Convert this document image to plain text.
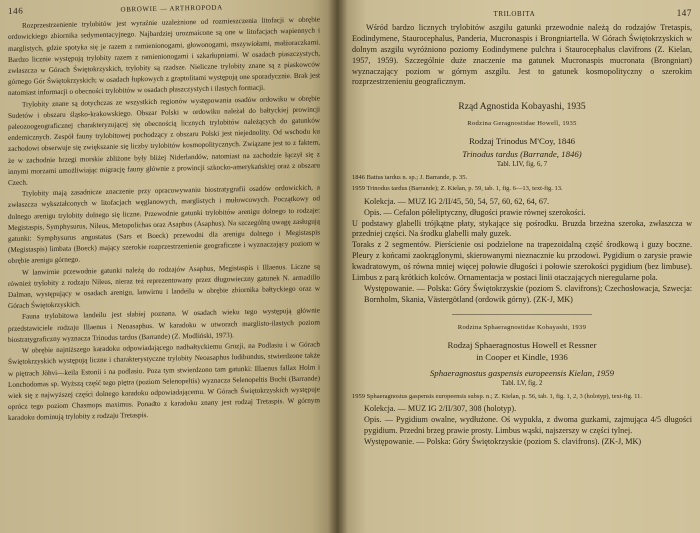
146	OBROWIE — ARTHROPODA

Rozprzestrzenienie trylobitów jest wyraźnie uzależnione od rozmieszczenia litofacji w obrębie ordowickiego zbiornika sedymentacyjnego. Najbardziej urozmaicone są one w litofacjach wapiennych i marglistych, gdzie spotyka się je razem z ramienionogami, głowonogami, mszywiołami, małżoraczkami. Bardzo licznie występują trylobity razem z ramienionogami i szkarłupniami. W osadach piaszczystych, zwłaszcza w Górach Świętokrzyskich, trylobity są rzadsze. Nieliczne trylobity znane są z piaskowców górnego Gór Świętokrzyskich; w osadach łupkowych z graptolitami występują one sporadycznie. Brak jest natomiast informacji o obecności trylobitów w osadach płaszczystych i ilastych formacji.

Trylobity znane są dotychczas ze wszystkich regionów występowania osadów ordowiku w obrębie Sudetów i obszaru śląsko-krakowskiego. Obszar Polski w ordowiku należał do bałtyckiej prowincji paleozoogeograficznej charakteryzującej się obecnością licznych trylobitów należących do gatunków endemicznych. Zespół fauny trylobitowej pochodzący z obszaru Polski jest niejednolity. Od wschodu ku zachodowi obserwuje się zwiększanie się liczby trylobitów kosmopolitycznych. Związane jest to z faktem, że w zachodnie brzegi morskie zbliżone były bliżej Niderlandów, natomiast na zachodzie łączył się z innymi morzami umożliwiając migrację fauny głównie z prowincji szkocko-amerykańskiej oraz z obszaru Czech.

Trylobity mają zasadnicze znaczenie przy opracowywaniu biostratygrafii osadów ordowickich, a zwłaszcza wykształconych w litofacjach węglanowych, marglistych i mułowcowych. Początkowy od dolnego arenigu trylobity dolnego się liczne. Przewodnie gatunki trylobitów arenigu dolnego to rodzaje: Megistaspis, Symphysurus, Nileus, Metopolichas oraz Asaphus (Asaphus). Na szczególną uwagę zasługują gatunki: Symphysurus angustatus (Sars et Boeck) przewodni dla arenigu dolnego i Megistaspis (Megistaspis) limbata (Boeck) mający szerokie rozprzestrzenienie geograficzne i wyznaczający poziom w obrębie arenigu górnego.

W lanwirnie przewodnie gatunki należą do rodzajów Asaphus, Megistaspis i Illaenus. Liczne są również trylobity z rodzaju Nileus, nieraz też reprezentowany przez długowieczny gatunek N. armadillo Dalman, występujący w osadach arenigu, lanwirnu i landeilu w obrębie zbiornika bałtyckiego oraz w Górach Świętokrzyskich.

Fauna trylobitowa landeilu jest słabiej poznana. W osadach wieku tego występują głównie przedstawiciele rodzaju Illaenus i Neoasaphus. W karadoku w utworach marglisto-ilastych poziom biostratygraficzny wyznacza Trinodus tardus (Barrande) (Z. Modliński, 1973).

W obrębie najniższego karadoku odpowiadającego nadbałtyckiemu Gruzji, na Podlasiu i w Górach Świętokrzyskich występują liczne i charakterystyczne trylobity Neoasaphus ludibundus, stwierdzone także w piętrach Jõhvi—keila Estonii i na podlasiu. Poza tym stwierdzono tam gatunki: Illaenus fallax Holm i Lonchodomas sp. Wyższą część tego piętra (poziom Selenopeltis) wyznacza Selenopeltis Buchi (Barrande) wiek się z najwyższej części dolnego karadoku odpowiadającemu. W Górach Świętokrzyskich występuje oprócz tego poziom Chasmops maximus. Ponadto z karadoku znany jest rodzaj Tretaspis. W górnym karadoku dominują trylobity z rodzaju Tretaspis.

TRILOBITA	147

Wśród bardzo licznych trylobitów aszgilu gatunki przewodnie należą do rodzajów Tretaspis, Eodindymene, Staurocephalus, Panderia, Mucronaspis i Brongniartella. W Górach Świętokrzyskich w dolnym aszgilu wyróżniono poziomy Eodindymene pulchra i Staurocephalus clavifrons (Z. Kielan, 1957, 1959). Szczególnie duże znaczenie ma gatunek Mucronaspis mucronata (Brongniart) wyznaczający poziom w górnym aszgilu. Jest to gatunek kosmopolityczny o szerokim rozprzestrzenieniu geograficznym.

Rząd Agnostida Kobayashi, 1935
Rodzina Geragnostidae Howell, 1935
Rodzaj Trinodus M'Coy, 1846
Trinodus tardus (Barrande, 1846)
Tabl. LIV, fig. 6, 7

1846 Battus tardus n. sp.; J. Barrande, p. 35.

1959 Trinodus tardus (Barrande); Z. Kielan, p. 59, tab. 1, fig. 6—13, text-fig. 13.

Kolekcja. — MUZ IG 2/II/45, 50, 54, 57, 60, 62, 64, 67.

Opis. — Cefalon półeliptyczny, długości prawie równej szerokości.

U podstawy glabelli trójkątne płaty, stykające się pośrodku. Bruzda brzeżna szeroka, zwłaszcza w przedniej części. Na środku glabelli mały guzek.

Toraks z 2 segmentów. Pierścienie osi podzielone na trapezoidalną część środkową i guzy boczne. Pleury z końcami zaokrąglonymi, skierowanymi nieznacznie ku przodowi. Pygidium o zarysie prawie kwadratowym, oś równa mniej więcej połowie długości i połowie szerokości pygidium (bez limbuse). Limbus z parą krótkich kolców. Ornamentacja w postaci linii otaczających nieregularne pola.

Występowanie. — Polska: Góry Świętokrzyskie (poziom S. clavifrons); Czechosłowacja, Szwecja: Bornholm, Skania, Västergötland (ordowik górny). (ZK-J, MK)

Rodzina Sphaeragnostidae Kobayashi, 1939
Rodzaj Sphaeragnostus Howell et Ressner
in Cooper et Kindle, 1936
Sphaeragnostus gaspensis europeensis Kielan, 1959
Tabl. LV, fig. 2

1959 Sphaeragnostus gaspensis europeensis subsp. n.; Z. Kielan, p. 56, tab. 1, fig. 1, 2, 3 (holotyp), text-fig. 11.

Kolekcja. — MUZ IG 2/II/307, 308 (holotyp).

Opis. — Pygidium owalne, wydłużone. Oś wypukła, z dwoma guzkami, zajmująca 4/5 długości pygidium. Przedni brzeg prawie prosty. Limbus wąski, najszerszy w części tylnej.

Występowanie. — Polska: Góry Świętokrzyskie (poziom S. clavifrons). (ZK-J, MK)
